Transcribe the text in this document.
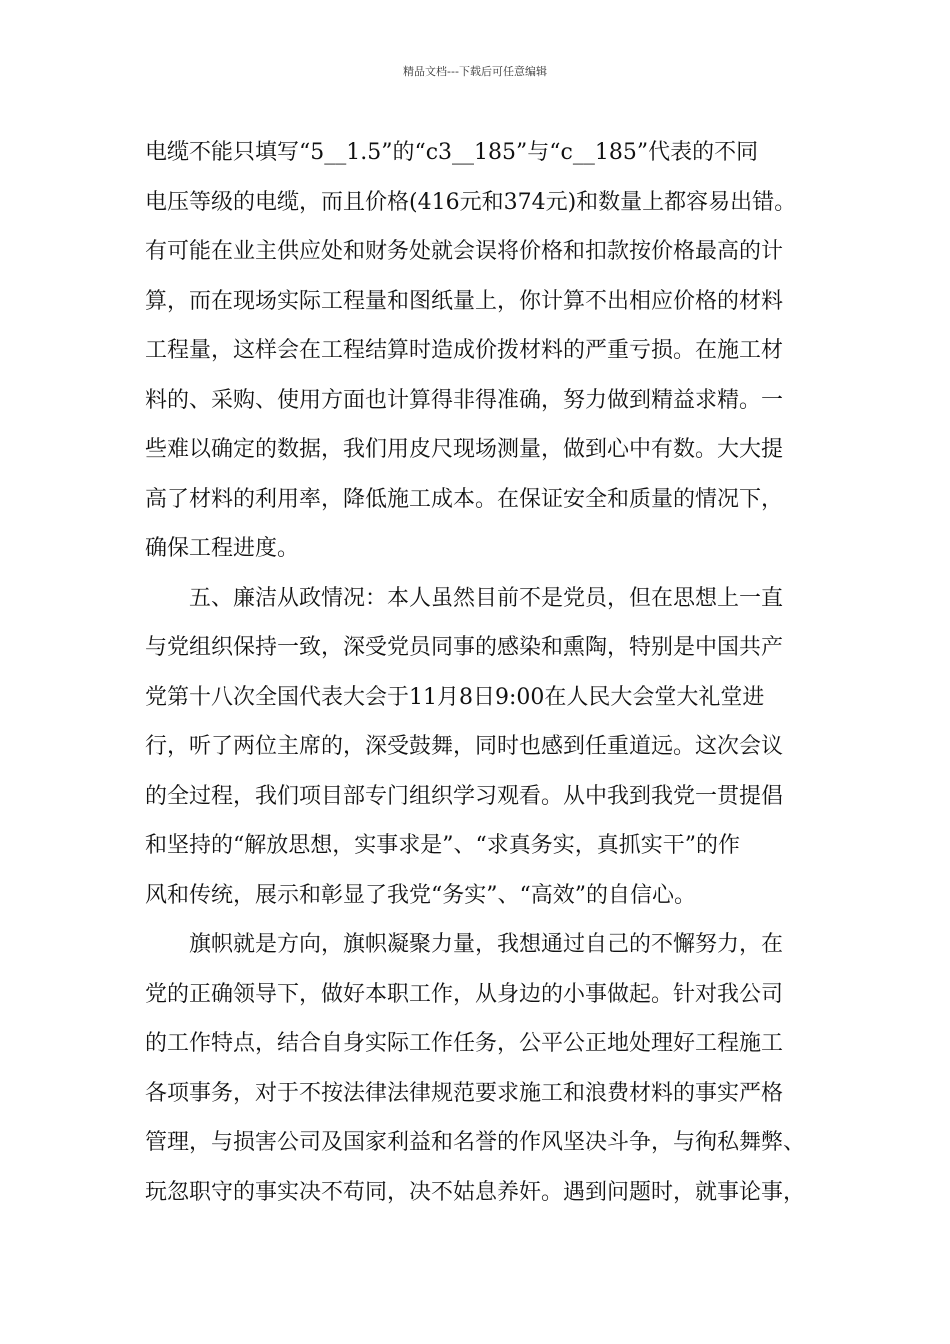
精品文档---下载后可任意编辑
电缆不能只填写“5__1.5”的“c3__185”与“c__185”代表的不同
电压等级的电缆，而且价格(416元和374元)和数量上都容易出错。
有可能在业主供应处和财务处就会误将价格和扣款按价格最高的计
算，而在现场实际工程量和图纸量上，你计算不出相应价格的材料
工程量，这样会在工程结算时造成价拨材料的严重亏损。在施工材
料的、采购、使用方面也计算得非得准确，努力做到精益求精。一
些难以确定的数据，我们用皮尺现场测量，做到心中有数。大大提
高了材料的利用率，降低施工成本。在保证安全和质量的情况下，
确保工程进度。
　　五、廉洁从政情况：本人虽然目前不是党员，但在思想上一直
与党组织保持一致，深受党员同事的感染和熏陶，特别是中国共产
党第十八次全国代表大会于11月8日9:00在人民大会堂大礼堂进
行，听了两位主席的，深受鼓舞，同时也感到任重道远。这次会议
的全过程，我们项目部专门组织学习观看。从中我到我党一贯提倡
和坚持的“解放思想，实事求是”、“求真务实，真抓实干”的作
风和传统，展示和彰显了我党“务实”、“高效”的自信心。
　　旗帜就是方向，旗帜凝聚力量，我想通过自己的不懈努力，在
党的正确领导下，做好本职工作，从身边的小事做起。针对我公司
的工作特点，结合自身实际工作任务，公平公正地处理好工程施工
各项事务，对于不按法律法律规范要求施工和浪费材料的事实严格
管理，与损害公司及国家利益和名誉的作风坚决斗争，与徇私舞弊、
玩忽职守的事实决不苟同，决不姑息养奸。遇到问题时，就事论事，
